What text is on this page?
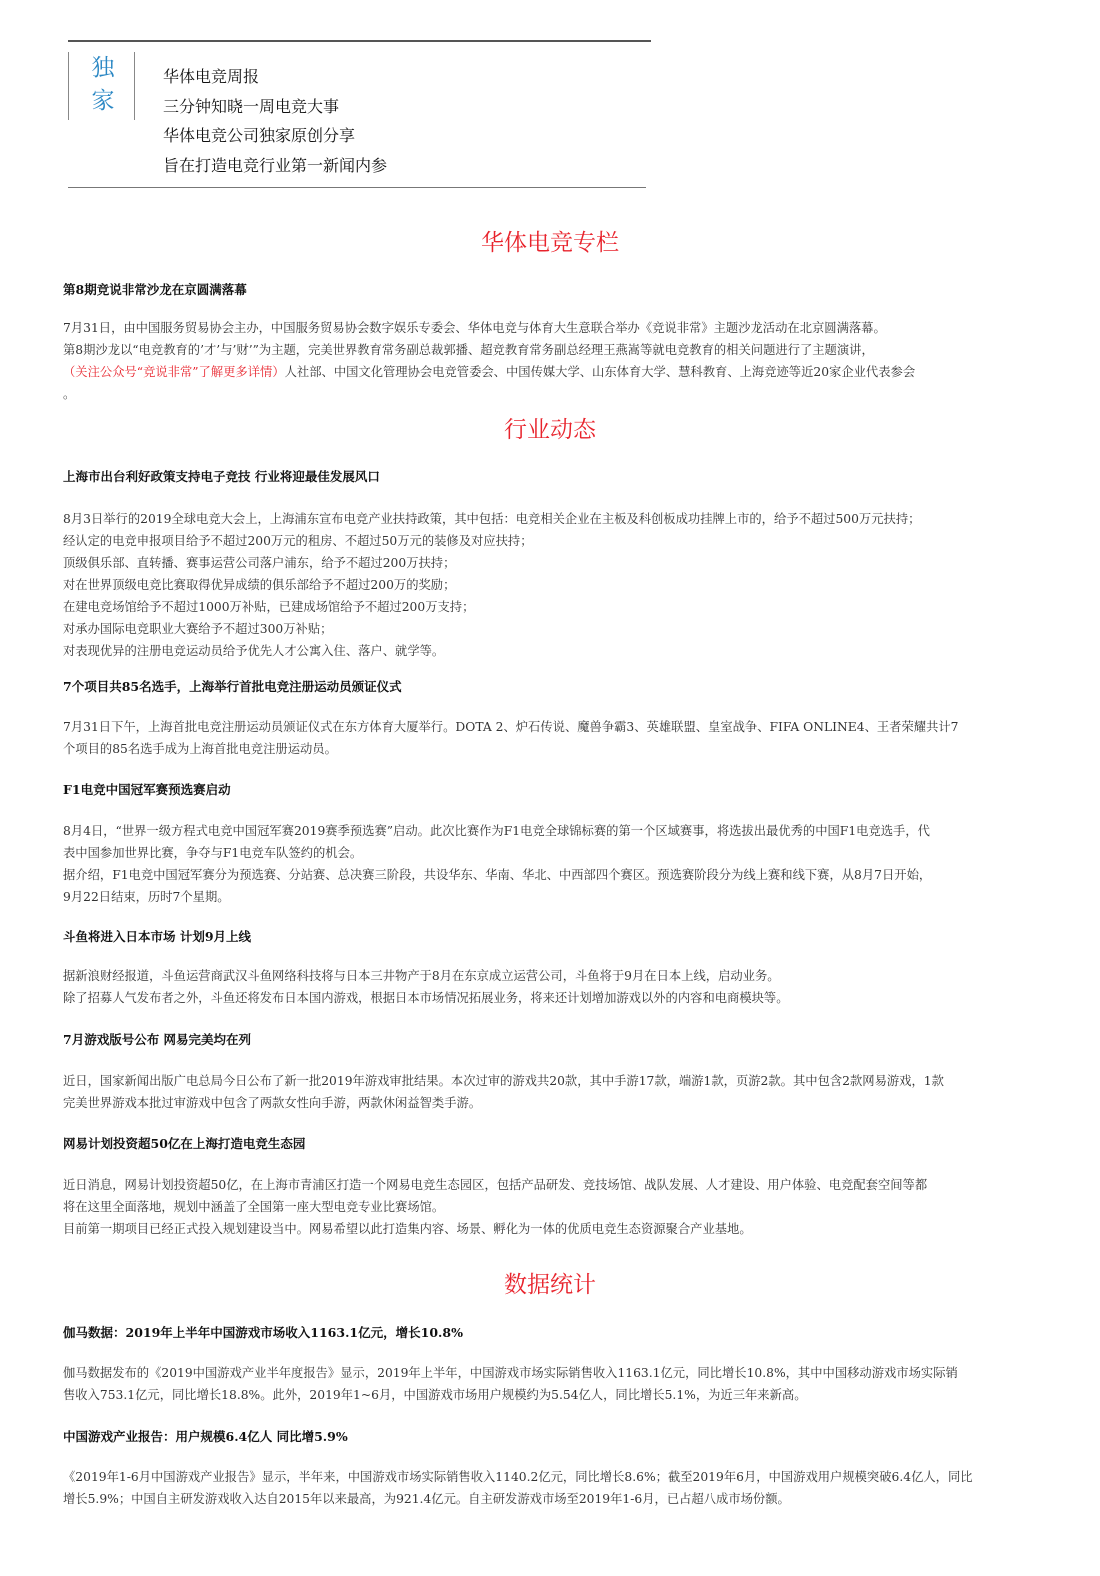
独
家
华体电竞周报
三分钟知晓一周电竞大事
华体电竞公司独家原创分享
旨在打造电竞行业第一新闻内参
华体电竞专栏
第8期竞说非常沙龙在京圆满落幕
7月31日，由中国服务贸易协会主办，中国服务贸易协会数字娱乐专委会、华体电竞与体育大生意联合举办《竞说非常》主题沙龙活动在北京圆满落幕。
第8期沙龙以“电竞教育的’才’与’财’”为主题，完美世界教育常务副总裁郭播、超竞教育常务副总经理王燕嵩等就电竞教育的相关问题进行了主题演讲，
（关注公众号“竞说非常”了解更多详情）人社部、中国文化管理协会电竞管委会、中国传媒大学、山东体育大学、慧科教育、上海竞迹等近20家企业代表参会
。
行业动态
上海市出台利好政策支持电子竞技 行业将迎最佳发展风口
8月3日举行的2019全球电竞大会上，上海浦东宣布电竞产业扶持政策，其中包括：电竞相关企业在主板及科创板成功挂牌上市的，给予不超过500万元扶持；
经认定的电竞申报项目给予不超过200万元的租房、不超过50万元的装修及对应扶持；
顶级俱乐部、直转播、赛事运营公司落户浦东，给予不超过200万扶持；
对在世界顶级电竞比赛取得优异成绩的俱乐部给予不超过200万的奖励；
在建电竞场馆给予不超过1000万补贴，已建成场馆给予不超过200万支持；
对承办国际电竞职业大赛给予不超过300万补贴；
对表现优异的注册电竞运动员给予优先人才公寓入住、落户、就学等。
7个项目共85名选手，上海举行首批电竞注册运动员颁证仪式
7月31日下午，上海首批电竞注册运动员颁证仪式在东方体育大厦举行。DOTA 2、炉石传说、魔兽争霸3、英雄联盟、皇室战争、FIFA ONLINE4、王者荣耀共计7
个项目的85名选手成为上海首批电竞注册运动员。
F1电竞中国冠军赛预选赛启动
8月4日，“世界一级方程式电竞中国冠军赛2019赛季预选赛”启动。此次比赛作为F1电竞全球锦标赛的第一个区域赛事，将选拔出最优秀的中国F1电竞选手，代
表中国参加世界比赛，争夺与F1电竞车队签约的机会。
据介绍，F1电竞中国冠军赛分为预选赛、分站赛、总决赛三阶段，共设华东、华南、华北、中西部四个赛区。预选赛阶段分为线上赛和线下赛，从8月7日开始，
9月22日结束，历时7个星期。
斗鱼将进入日本市场 计划9月上线
据新浪财经报道，斗鱼运营商武汉斗鱼网络科技将与日本三井物产于8月在东京成立运营公司，斗鱼将于9月在日本上线，启动业务。
除了招募人气发布者之外，斗鱼还将发布日本国内游戏，根据日本市场情况拓展业务，将来还计划增加游戏以外的内容和电商模块等。
7月游戏版号公布 网易完美均在列
近日，国家新闻出版广电总局今日公布了新一批2019年游戏审批结果。本次过审的游戏共20款，其中手游17款，端游1款，页游2款。其中包含2款网易游戏，1款
完美世界游戏本批过审游戏中包含了两款女性向手游，两款休闲益智类手游。
网易计划投资超50亿在上海打造电竞生态园
近日消息，网易计划投资超50亿，在上海市青浦区打造一个网易电竞生态园区，包括产品研发、竞技场馆、战队发展、人才建设、用户体验、电竞配套空间等都
将在这里全面落地，规划中涵盖了全国第一座大型电竞专业比赛场馆。
目前第一期项目已经正式投入规划建设当中。网易希望以此打造集内容、场景、孵化为一体的优质电竞生态资源聚合产业基地。
数据统计
伽马数据：2019年上半年中国游戏市场收入1163.1亿元，增长10.8%
伽马数据发布的《2019中国游戏产业半年度报告》显示，2019年上半年，中国游戏市场实际销售收入1163.1亿元，同比增长10.8%，其中中国移动游戏市场实际销
售收入753.1亿元，同比增长18.8%。此外，2019年1~6月，中国游戏市场用户规模约为5.54亿人，同比增长5.1%，为近三年来新高。
中国游戏产业报告：用户规模6.4亿人 同比增5.9%
《2019年1-6月中国游戏产业报告》显示，半年来，中国游戏市场实际销售收入1140.2亿元，同比增长8.6%；截至2019年6月，中国游戏用户规模突破6.4亿人，同比
增长5.9%；中国自主研发游戏收入达自2015年以来最高，为921.4亿元。自主研发游戏市场至2019年1-6月，已占超八成市场份额。
